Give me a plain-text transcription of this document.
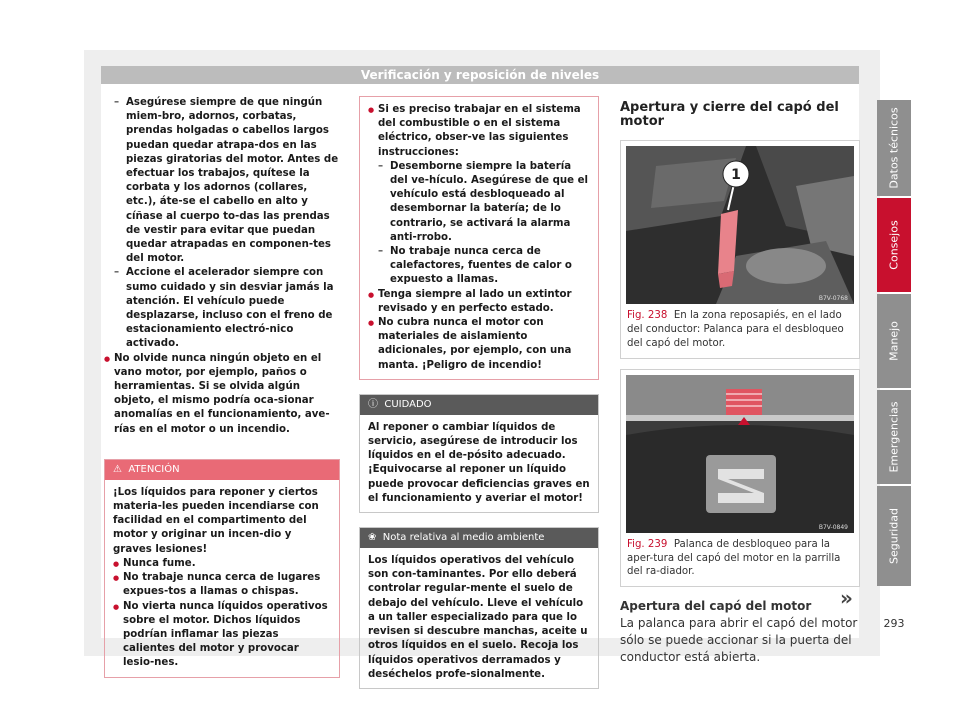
Verificación y reposición de niveles

– Asegúrese siempre de que ningún miem-bro, adornos, corbatas, prendas holgadas o cabellos largos puedan quedar atrapa-dos en las piezas giratorias del motor. Antes de efectuar los trabajos, quítese la corbata y los adornos (collares, etc.), áte-se el cabello en alto y cíñase al cuerpo to-das las prendas de vestir para evitar que puedan quedar atrapadas en componen-tes del motor.

– Accione el acelerador siempre con sumo cuidado y sin desviar jamás la atención. El vehículo puede desplazarse, incluso con el freno de estacionamiento electró-nico activado.

● No olvide nunca ningún objeto en el vano motor, por ejemplo, paños o herramientas. Si se olvida algún objeto, el mismo podría oca-sionar anomalías en el funcionamiento, ave-rías en el motor o un incendio.

⚠ ATENCIÓN

¡Los líquidos para reponer y ciertos materia-les pueden incendiarse con facilidad en el compartimento del motor y originar un incen-dio y graves lesiones!

● Nunca fume.

● No trabaje nunca cerca de lugares expues-tos a llamas o chispas.

● No vierta nunca líquidos operativos sobre el motor. Dichos líquidos podrían inflamar las piezas calientes del motor y provocar lesio-nes.

● Si es preciso trabajar en el sistema del combustible o en el sistema eléctrico, obser-ve las siguientes instrucciones:

– Desemborne siempre la batería del ve-hículo. Asegúrese de que el vehículo está desbloqueado al desembornar la batería; de lo contrario, se activará la alarma anti-rrobo.

– No trabaje nunca cerca de calefactores, fuentes de calor o expuesto a llamas.

● Tenga siempre al lado un extintor revisado y en perfecto estado.

● No cubra nunca el motor con materiales de aislamiento adicionales, por ejemplo, con una manta. ¡Peligro de incendio!

ⓘ CUIDADO
Al reponer o cambiar líquidos de servicio, asegúrese de introducir los líquidos en el de-pósito adecuado. ¡Equivocarse al reponer un líquido puede provocar deficiencias graves en el funcionamiento y averiar el motor!
❀ Nota relativa al medio ambiente
Los líquidos operativos del vehículo son con-taminantes. Por ello deberá controlar regular-mente el suelo de debajo del vehículo. Lleve el vehículo a un taller especializado para que lo revisen si descubre manchas, aceite u otros líquidos en el suelo. Recoja los líquidos operativos derramados y deséchelos profe-sionalmente.
Apertura y cierre del capó del motor
1
B7V-0768
Fig. 238 En la zona reposapiés, en el lado del conductor: Palanca para el desbloqueo del capó del motor.
B7V-0849
Fig. 239 Palanca de desbloqueo para la aper-tura del capó del motor en la parrilla del ra-diador.
Apertura del capó del motor

La palanca para abrir el capó del motor sólo se puede accionar si la puerta del conductor está abierta.

»
Datos técnicos
Consejos
Manejo
Emergencias
Seguridad
293
